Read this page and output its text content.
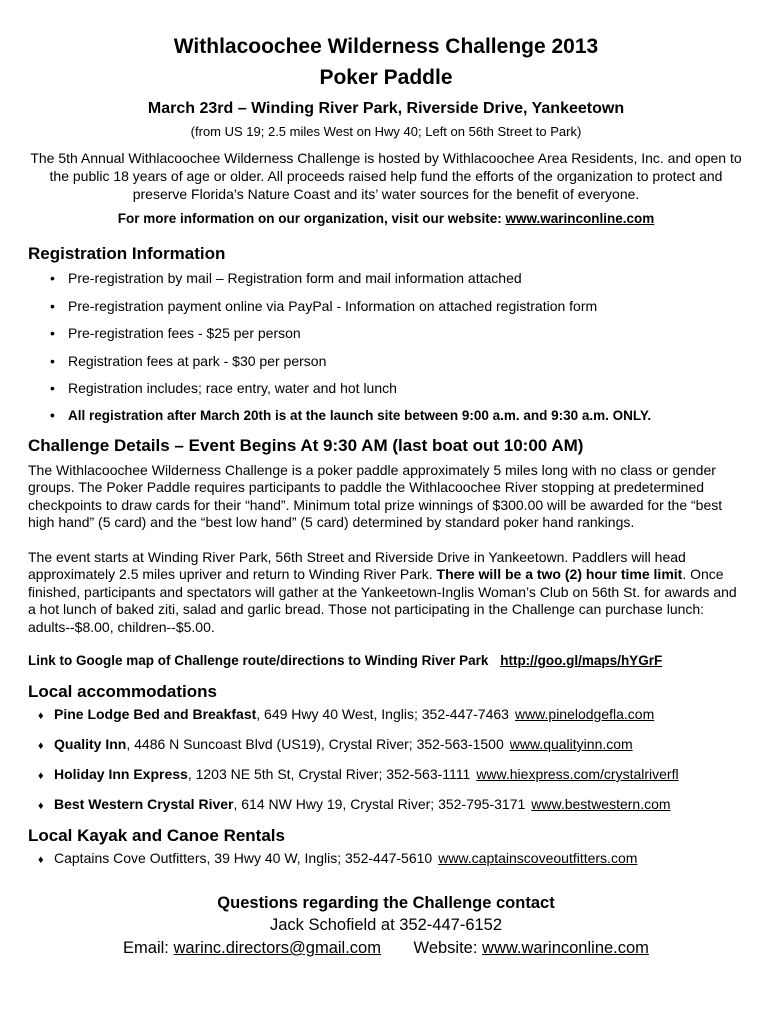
Withlacoochee Wilderness Challenge 2013
Poker Paddle
March 23rd – Winding River Park, Riverside Drive, Yankeetown
(from US 19; 2.5 miles West on Hwy 40; Left on 56th Street to Park)
The 5th Annual Withlacoochee Wilderness Challenge is hosted by Withlacoochee Area Residents, Inc. and open to the public 18 years of age or older. All proceeds raised help fund the efforts of the organization to protect and preserve Florida’s Nature Coast and its’ water sources for the benefit of everyone.
For more information on our organization, visit our website: www.warinconline.com
Registration Information
• Pre-registration by mail – Registration form and mail information attached
• Pre-registration payment online via PayPal - Information on attached registration form
• Pre-registration fees - $25 per person
• Registration fees at park - $30 per person
• Registration includes; race entry, water and hot lunch
• All registration after March 20th is at the launch site between 9:00 a.m. and 9:30 a.m. ONLY.
Challenge Details – Event Begins At 9:30 AM (last boat out 10:00 AM)
The Withlacoochee Wilderness Challenge is a poker paddle approximately 5 miles long with no class or gender groups. The Poker Paddle requires participants to paddle the Withlacoochee River stopping at predetermined checkpoints to draw cards for their “hand”. Minimum total prize winnings of $300.00 will be awarded for the “best high hand” (5 card) and the “best low hand” (5 card) determined by standard poker hand rankings.
The event starts at Winding River Park, 56th Street and Riverside Drive in Yankeetown. Paddlers will head approximately 2.5 miles upriver and return to Winding River Park. There will be a two (2) hour time limit. Once finished, participants and spectators will gather at the Yankeetown-Inglis Woman’s Club on 56th St. for awards and a hot lunch of baked ziti, salad and garlic bread. Those not participating in the Challenge can purchase lunch: adults--$8.00, children--$5.00.
Link to Google map of Challenge route/directions to Winding River Park http://goo.gl/maps/hYGrF
Local accommodations
♦ Pine Lodge Bed and Breakfast, 649 Hwy 40 West, Inglis; 352-447-7463 www.pinelodgefla.com
♦ Quality Inn, 4486 N Suncoast Blvd (US19), Crystal River; 352-563-1500 www.qualityinn.com
♦ Holiday Inn Express, 1203 NE 5th St, Crystal River; 352-563-1111 www.hiexpress.com/crystalriverfl
♦ Best Western Crystal River, 614 NW Hwy 19, Crystal River; 352-795-3171 www.bestwestern.com
Local Kayak and Canoe Rentals
♦ Captains Cove Outfitters, 39 Hwy 40 W, Inglis; 352-447-5610 www.captainscoveoutfitters.com
Questions regarding the Challenge contact
Jack Schofield at 352-447-6152
Email: warinc.directors@gmail.com Website: www.warinconline.com
